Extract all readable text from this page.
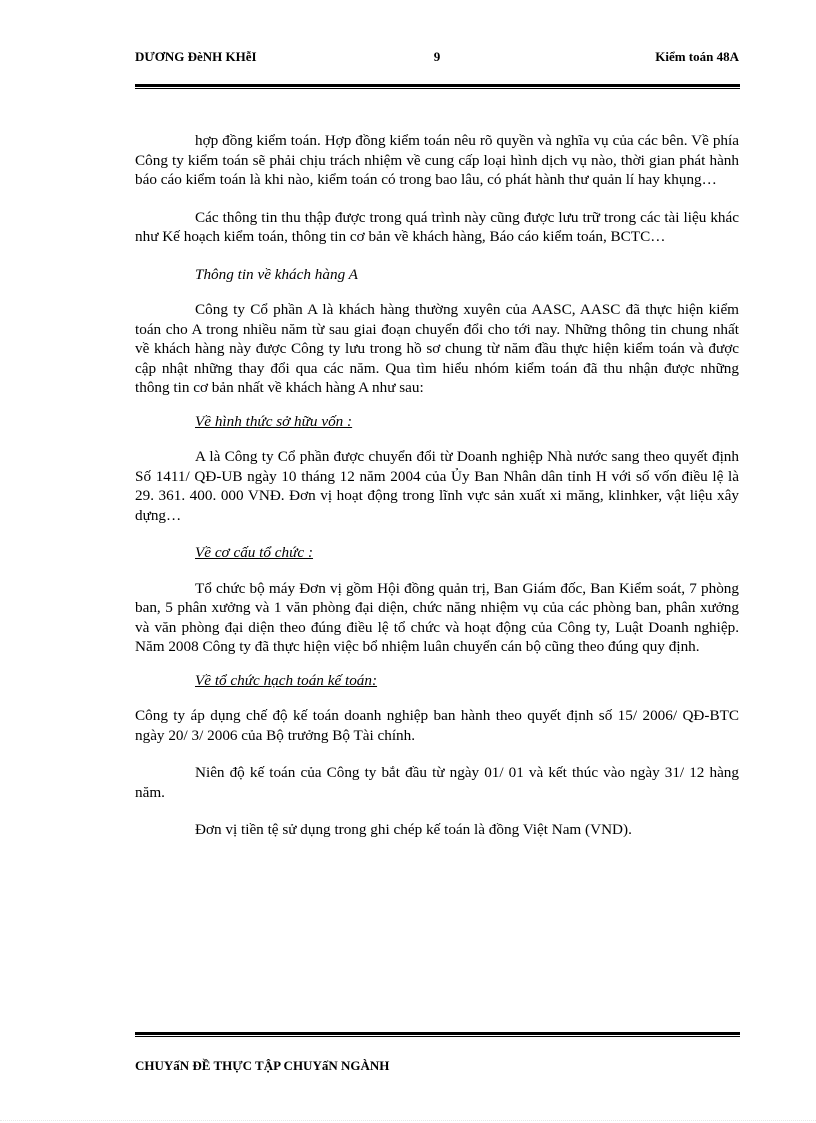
DƯƠNG ĐèNH KHễI	9	Kiểm toán 48A

hợp đồng kiểm toán. Hợp đồng kiểm toán nêu rõ quyền và nghĩa vụ của các bên. Về phía Công ty kiểm toán sẽ phải chịu trách nhiệm về cung cấp loại hình dịch vụ nào, thời gian phát hành báo cáo kiểm toán là khi nào, kiểm toán có trong bao lâu, có phát hành thư quản lí hay khụng…

Các thông tin thu thập được trong quá trình này cũng được lưu trữ trong các tài liệu khác như Kế hoạch kiểm toán, thông tin cơ bản về khách hàng, Báo cáo kiểm toán, BCTC…

Thông tin về khách hàng A

Công ty Cổ phần A là khách hàng thường xuyên của AASC, AASC đã thực hiện kiểm toán cho A trong nhiều năm từ sau giai đoạn chuyển đổi cho tới nay. Những thông tin chung nhất về khách hàng này được Công ty lưu trong hồ sơ chung từ năm đầu thực hiện kiểm toán và được cập nhật những thay đổi qua các năm. Qua tìm hiểu nhóm kiểm toán đã thu nhận được những thông tin cơ bản nhất về khách hàng A như sau:

Về hình thức sở hữu vốn :

A là Công ty Cổ phần được chuyển đổi từ Doanh nghiệp Nhà nước sang theo quyết định Số 1411/ QĐ-UB ngày 10 tháng 12 năm 2004 của Ủy Ban Nhân dân tỉnh H với số vốn điều lệ là 29. 361. 400. 000 VNĐ. Đơn vị hoạt động trong lĩnh vực sản xuất xi măng, klinhker, vật liệu xây dựng…

Về cơ cấu tổ chức :

Tổ chức bộ máy Đơn vị gồm Hội đồng quản trị, Ban Giám đốc, Ban Kiểm soát, 7 phòng ban, 5 phân xưởng và 1 văn phòng đại diện, chức năng nhiệm vụ của các phòng ban, phân xưởng và văn phòng đại diện theo đúng điều lệ tổ chức và hoạt động của Công ty, Luật Doanh nghiệp. Năm 2008 Công ty đã thực hiện việc bổ nhiệm luân chuyển cán bộ cũng theo đúng quy định.

Về tổ chức hạch toán kế toán:

Công ty áp dụng chế độ kế toán doanh nghiệp ban hành theo quyết định số 15/ 2006/ QĐ-BTC ngày 20/ 3/ 2006 của Bộ trưởng Bộ Tài chính.

Niên độ kế toán của Công ty bắt đầu từ ngày 01/ 01 và kết thúc vào ngày 31/ 12 hàng năm.

Đơn vị tiền tệ sử dụng trong ghi chép kế toán là đồng Việt Nam (VND).

CHUYấN ĐỀ THỰC TẬP CHUYấN NGÀNH
